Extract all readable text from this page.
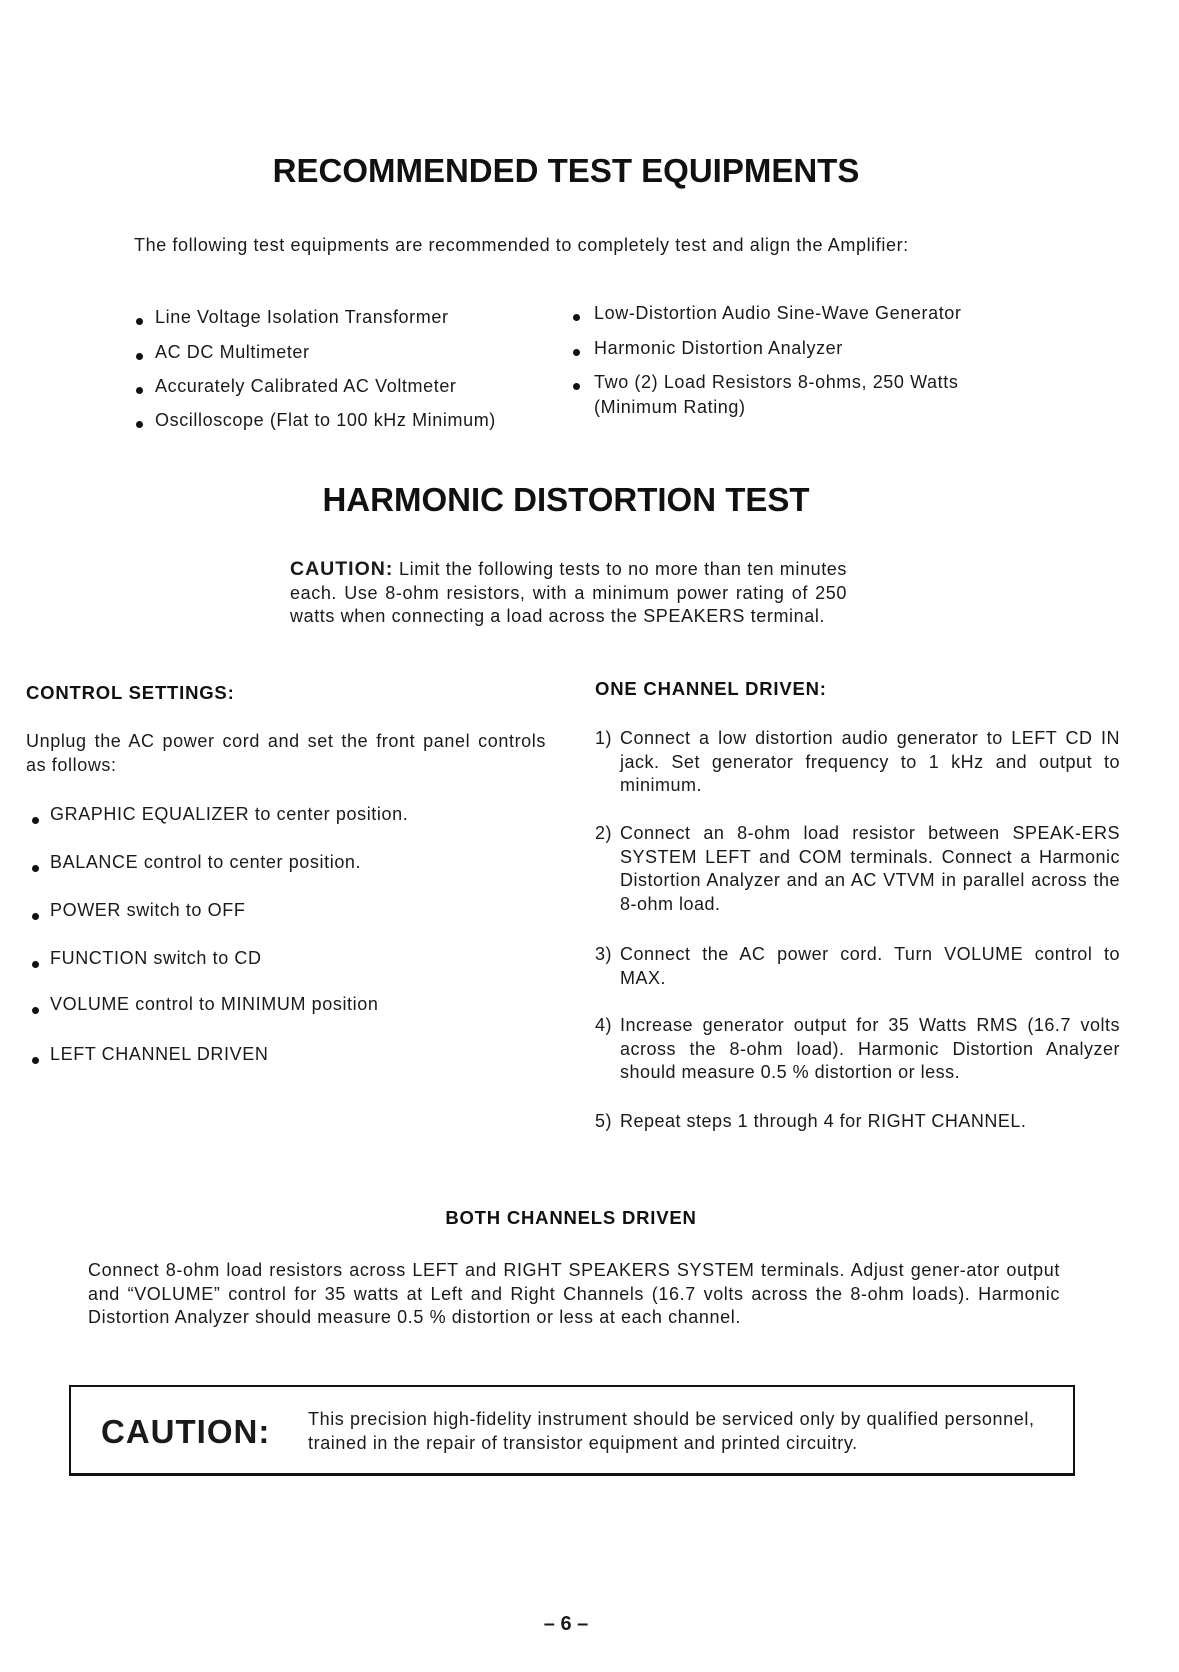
RECOMMENDED TEST EQUIPMENTS
The following test equipments are recommended to completely test and align the Amplifier:
Line Voltage Isolation Transformer
AC DC Multimeter
Accurately Calibrated AC Voltmeter
Oscilloscope (Flat to 100 kHz Minimum)
Low-Distortion Audio Sine-Wave Generator
Harmonic Distortion Analyzer
Two (2) Load Resistors 8-ohms, 250 Watts
(Minimum Rating)
HARMONIC DISTORTION TEST
CAUTION: Limit the following tests to no more than ten minutes each. Use 8-ohm resistors, with a minimum power rating of 250 watts when connecting a load across the SPEAKERS terminal.
CONTROL SETTINGS:
Unplug the AC power cord and set the front panel controls as follows:
GRAPHIC EQUALIZER to center position.
BALANCE control to center position.
POWER switch to OFF
FUNCTION switch to CD
VOLUME control to MINIMUM position
LEFT CHANNEL DRIVEN
ONE CHANNEL DRIVEN:
1) Connect a low distortion audio generator to LEFT CD IN jack. Set generator frequency to 1 kHz and output to minimum.
2) Connect an 8-ohm load resistor between SPEAK-ERS SYSTEM LEFT and COM terminals. Connect a Harmonic Distortion Analyzer and an AC VTVM in parallel across the 8-ohm load.
3) Connect the AC power cord. Turn VOLUME control to MAX.
4) Increase generator output for 35 Watts RMS (16.7 volts across the 8-ohm load). Harmonic Distortion Analyzer should measure 0.5 % distortion or less.
5) Repeat steps 1 through 4 for RIGHT CHANNEL.
BOTH CHANNELS DRIVEN
Connect 8-ohm load resistors across LEFT and RIGHT SPEAKERS SYSTEM terminals. Adjust gener-ator output and “VOLUME” control for 35 watts at Left and Right Channels (16.7 volts across the 8-ohm loads). Harmonic Distortion Analyzer should measure 0.5 % distortion or less at each channel.
CAUTION: This precision high-fidelity instrument should be serviced only by qualified personnel, trained in the repair of transistor equipment and printed circuitry.
– 6 –
